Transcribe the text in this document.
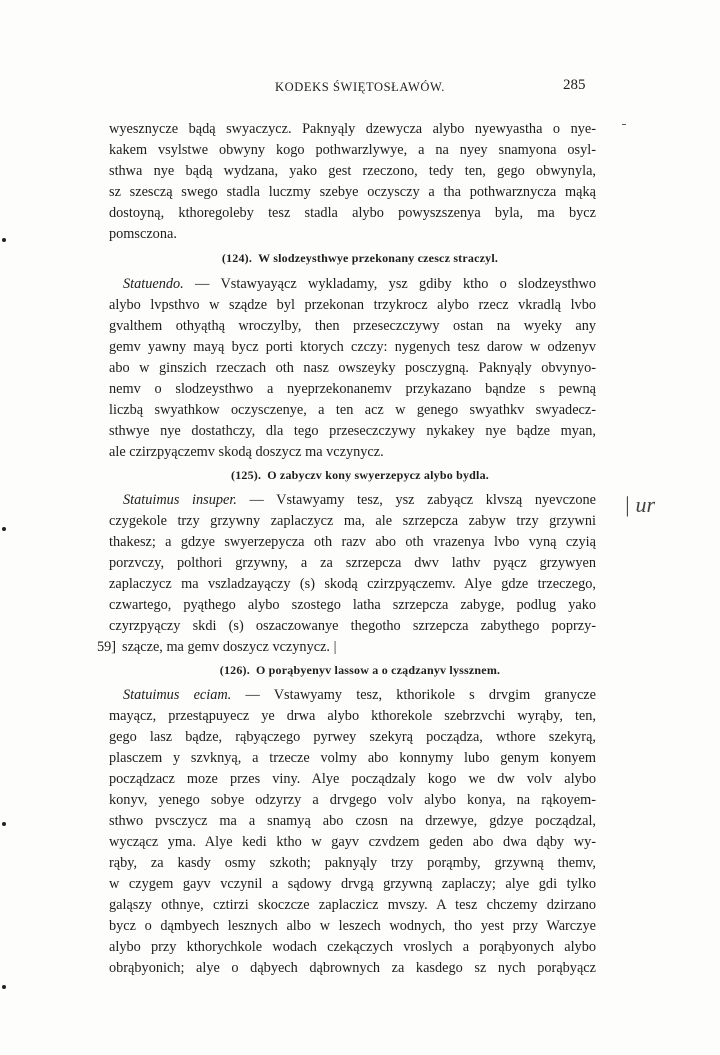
KODEKS ŚWIĘTOSŁAWÓW.	285
wyesznycze bądą swyaczycz. Paknyąly dzewycza alybo nyewyastha o nye-
kakem vsylstwe obwyny kogo pothwarzlywye, a na nyey snamyona osyl-
sthwa nye bądą wydzana, yako gest rzeczono, tedy ten, gego obwynyla,
sz szesczą swego stadla luczmy szebye oczysczy a tha pothwarznycza mąką
dostoyną, kthoregoleby tesz stadla alybo powyszszenya byla, ma bycz
pomsczona.
(124). W slodzeysthwye przekonany czescz straczyl.
Statuendo. — Vstawyayącz wykladamy, ysz gdiby ktho o slodzeysthwo
alybo lvpsthvo w sządze byl przekonan trzykrocz alybo rzecz vkradlą lvbo
gvalthem othyąthą wroczylby, then przeseczczywy ostan na wyeky any
gemv yawny mayą bycz porti ktorych czczy: nygenych tesz darow w odzenyv
abo w ginszich rzeczach oth nasz owszeyky posczygną. Paknyąly obvynyo-
nemv o slodzeysthwo a nyeprzekonanemv przykazano bąndze s pewną
liczbą swyathkow oczysczenye, a ten acz w genego swyathkv swyadecz-
sthwye nye dostathczy, dla tego przeseczczywy nykakey nye bądze myan,
ale czirzpyączemv skodą doszycz ma vczynycz.
(125). O zabyczv kony swyerzepycz alybo bydla.
Statuimus insuper. — Vstawyamy tesz, ysz zabyącz klvszą nyevczone
czygekole trzy grzywny zaplaczycz ma, ale szrzepcza zabyw trzy grzywni
thakesz; a gdzye swyerzepycza oth razv abo oth vrazenya lvbo vyną czyią
porzvczy, polthori grzywny, a za szrzepcza dwv lathv pyącz grzywyen
zaplaczycz ma vszladzayączy (s) skodą czirzpyączemv. Alye gdze trzeczego,
czwartego, pyąthego alybo szostego latha szrzepcza zabyge, podlug yako
czyrzpyączy skdi (s) oszaczowanye thegotho szrzepcza zabythego poprzy-
59] szącze, ma gemv doszycz vczynycz. |
(126). O porąbyenyv lassow a o cządzanyv lyssznem.
Statuimus eciam. — Vstawyamy tesz, kthorikole s drvgim granycze
mayącz, przestąpuyecz ye drwa alybo kthorekole szebrzvchi wyrąby, ten,
gego lasz bądze, rąbyączego pyrwey szekyrą począdza, wthore szekyrą,
plasczem y szvknyą, a trzecze volmy abo konnymy lubo genym konyem
począdzacz moze przes viny. Alye począdzaly kogo we dw volv alybo
konyv, yenego sobye odzyrzy a drvgego volv alybo konya, na rąkoyem-
sthwo pvsczycz ma a snamyą abo czosn na drzewye, gdzye począdzal,
wyczącz yma. Alye kedi ktho w gayv czvdzem geden abo dwa dąby wy-
rąby, za kasdy osmy szkoth; paknyąly trzy porąmby, grzywną themv,
w czygem gayv vczynil a sądowy drvgą grzywną zaplaczy; alye gdi tylko
galąszy othnye, cztirzi skoczcze zaplaczicz mvszy. A tesz chczemy dzirzano
bycz o dąmbyech lesznych albo w leszech wodnych, tho yest przy Warczye
alybo przy kthorychkole wodach czekączych vroslych a porąbyonych alybo
obrąbyonich; alye o dąbyech dąbrownych za kasdego sz nych porąbyącz
| ur
